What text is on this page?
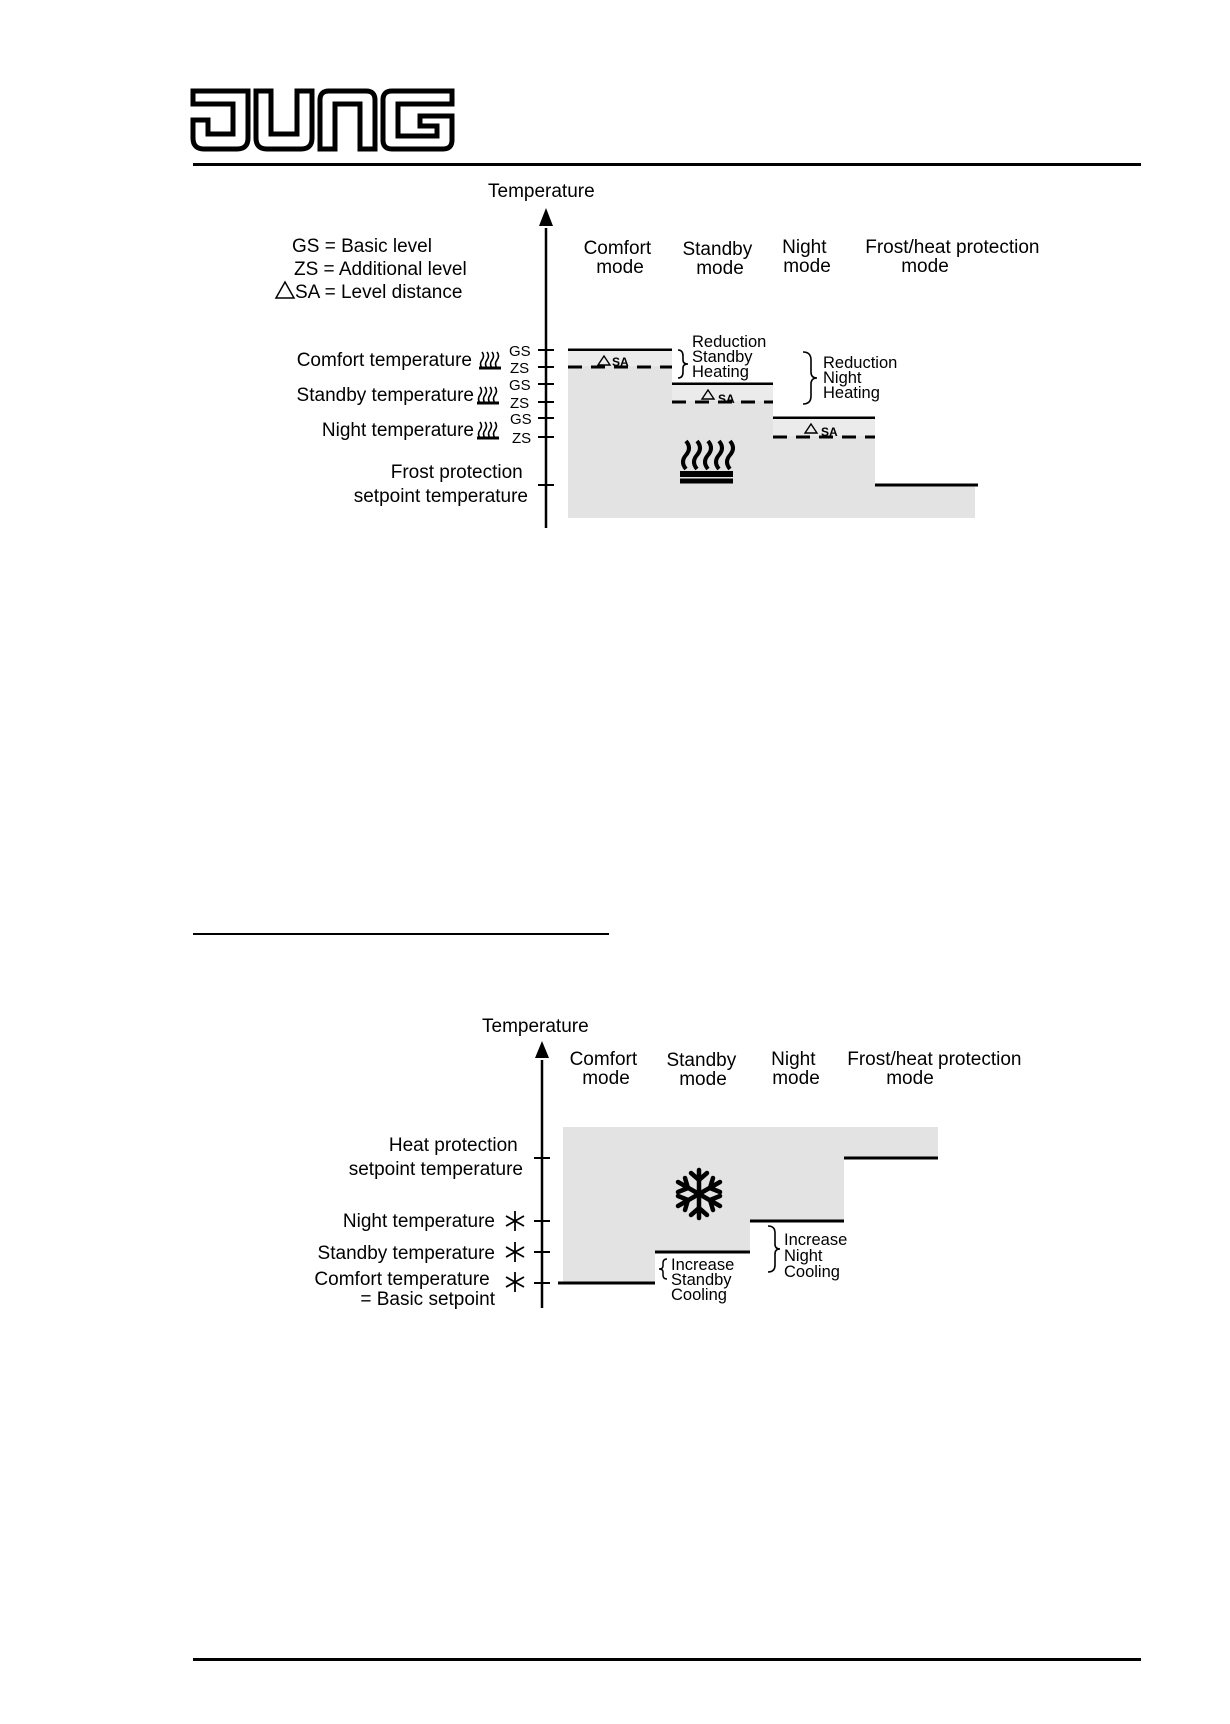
JUNG
Temperature
GS = Basic level
ZS = Additional level
SA = Level distance
Comfort mode
Standby mode
Night mode
Frost/heat protection mode
Comfort temperature
Standby temperature
Night temperature
Frost protection setpoint temperature
GS
ZS
GS
ZS
GS
ZS
SA
SA
SA
Reduction Standby Heating	Reduction Night Heating
Temperature
Comfort mode
Standby mode
Night mode
Frost/heat protection mode
Heat protection setpoint temperature
Night temperature
Standby temperature
Comfort temperature = Basic setpoint
Increase Standby Cooling
Increase Night Cooling
